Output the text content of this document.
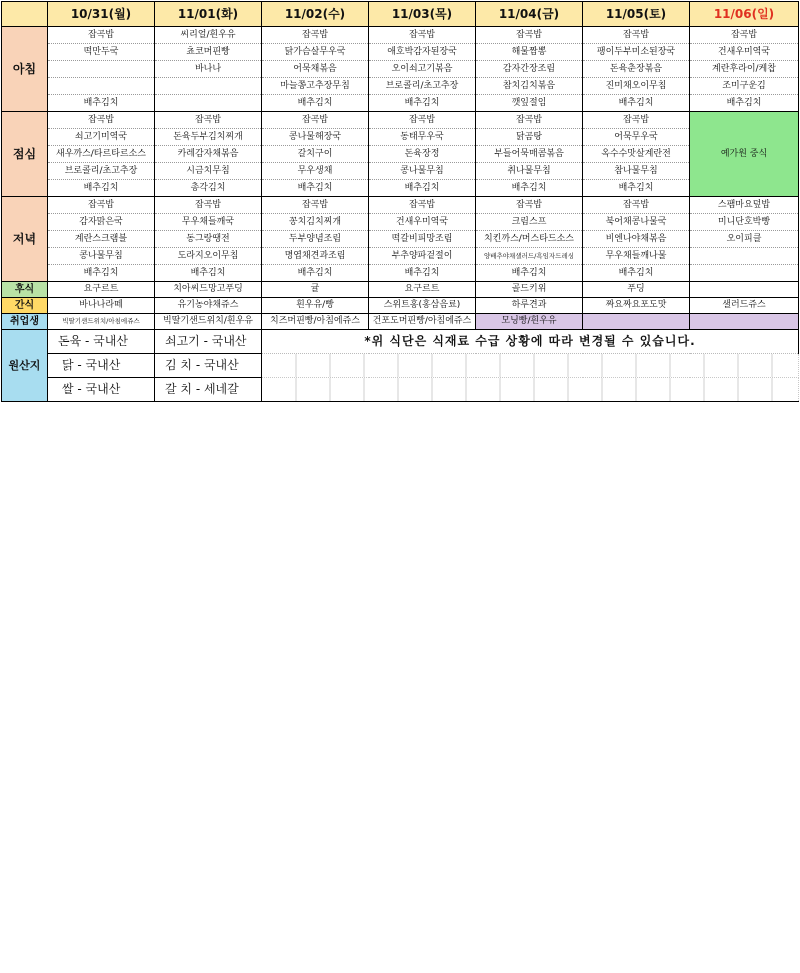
	10/31(월)	11/01(화)	11/02(수)	11/03(목)	11/04(금)	11/05(토)	11/06(일)
아침	잡곡밥	씨리얼/흰우유	잡곡밥	잡곡밥	잡곡밥	잡곡밥	잡곡밥
	떡만두국	쵸코머핀빵	닭가슴살무우국	애호박감자된장국	해물짬뽕	팽이두부미소된장국	건새우미역국
		바나나	어묵채볶음	오이쇠고기볶음	감자간장조림	돈육춘장볶음	계란후라이/케찹
			마늘쫑고추장무침	브로콜리/초고추장	참치김치볶음	진미채오이무침	조미구운김
	배추김치		배추김치	배추김치	깻잎절임	배추김치	배추김치
점심	잡곡밥	잡곡밥	잡곡밥	잡곡밥	잡곡밥	잡곡밥	예가원 중식
	쇠고기미역국	돈육두부김치찌개	콩나물해장국	동태무우국	닭곰탕	어묵무우국	
	새우까스/타르타르소스	카레감자채볶음	갈치구이	돈육장정	부들어묵매콤볶음	옥수수맛살계란전	
	브로콜리/초고추장	시금치무침	무우생채	콩나물무침	취나물무침	참나물무침	
	배추김치	총각김치	배추김치	배추김치	배추김치	배추김치	
저녁	잡곡밥	잡곡밥	잡곡밥	잡곡밥	잡곡밥	잡곡밥	스팸마요덮밥
	감자맑은국	무우채들깨국	꽁치김치찌개	건새우미역국	크림스프	북어채콩나물국	미니단호박빵
	계란스크램블	동그랑땡전	두부양념조림	떡갈비피망조림	치킨까스/머스타드소스	비엔나야채볶음	오이피클
	콩나물무침	도라지오이무침	명엽채견과조림	부추양파겉절이	양배추야채샐러드/흑임자드레싱	무우채들깨나물	
	배추김치	배추김치	배추김치	배추김치	배추김치	배추김치	
후식	요구르트	치아씨드망고푸딩	귤	요구르트	골드키위	푸딩	
간식	바나나라떼	유기농야채쥬스	흰우유/빵	스위트홍(홍삼음료)	하루견과	짜요짜요포도맛	샐러드쥬스
취업생	빅딸기샌드위치/아침에쥬스	빅딸기샌드위치/흰우유	치즈머핀빵/아침에쥬스	건포도머핀빵/아침에쥬스	모닝빵/흰우유		
원산지	돈육 - 국내산	쇠고기 - 국내산	*위 식단은 식재료 수급 상황에 따라 변경될 수 있습니다.				
	닭 - 국내산	김 치 - 국내산					
	쌀 - 국내산	갈 치 - 세네갈					
